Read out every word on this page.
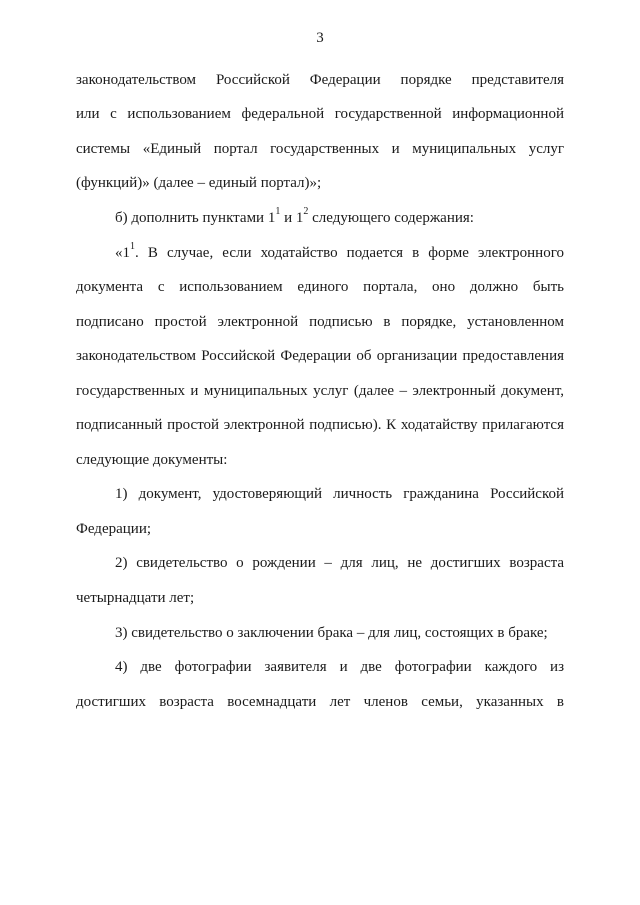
3
законодательством Российской Федерации порядке представителя
или с использованием федеральной государственной информационной
системы «Единый портал государственных и муниципальных услуг
(функций)» (далее – единый портал)»;
б) дополнить пунктами $1^1$ и $1^2$ следующего содержания:
«$1^1$. В случае, если ходатайство подается в форме электронного
документа с использованием единого портала, оно должно быть
подписано простой электронной подписью в порядке, установленном
законодательством Российской Федерации об организации предоставления
государственных и муниципальных услуг (далее – электронный документ,
подписанный простой электронной подписью). К ходатайству прилагаются
следующие документы:
1) документ, удостоверяющий личность гражданина Российской
Федерации;
2) свидетельство о рождении – для лиц, не достигших возраста
четырнадцати лет;
3) свидетельство о заключении брака – для лиц, состоящих в браке;
4) две фотографии заявителя и две фотографии каждого из
достигших возраста восемнадцати лет членов семьи, указанных в
